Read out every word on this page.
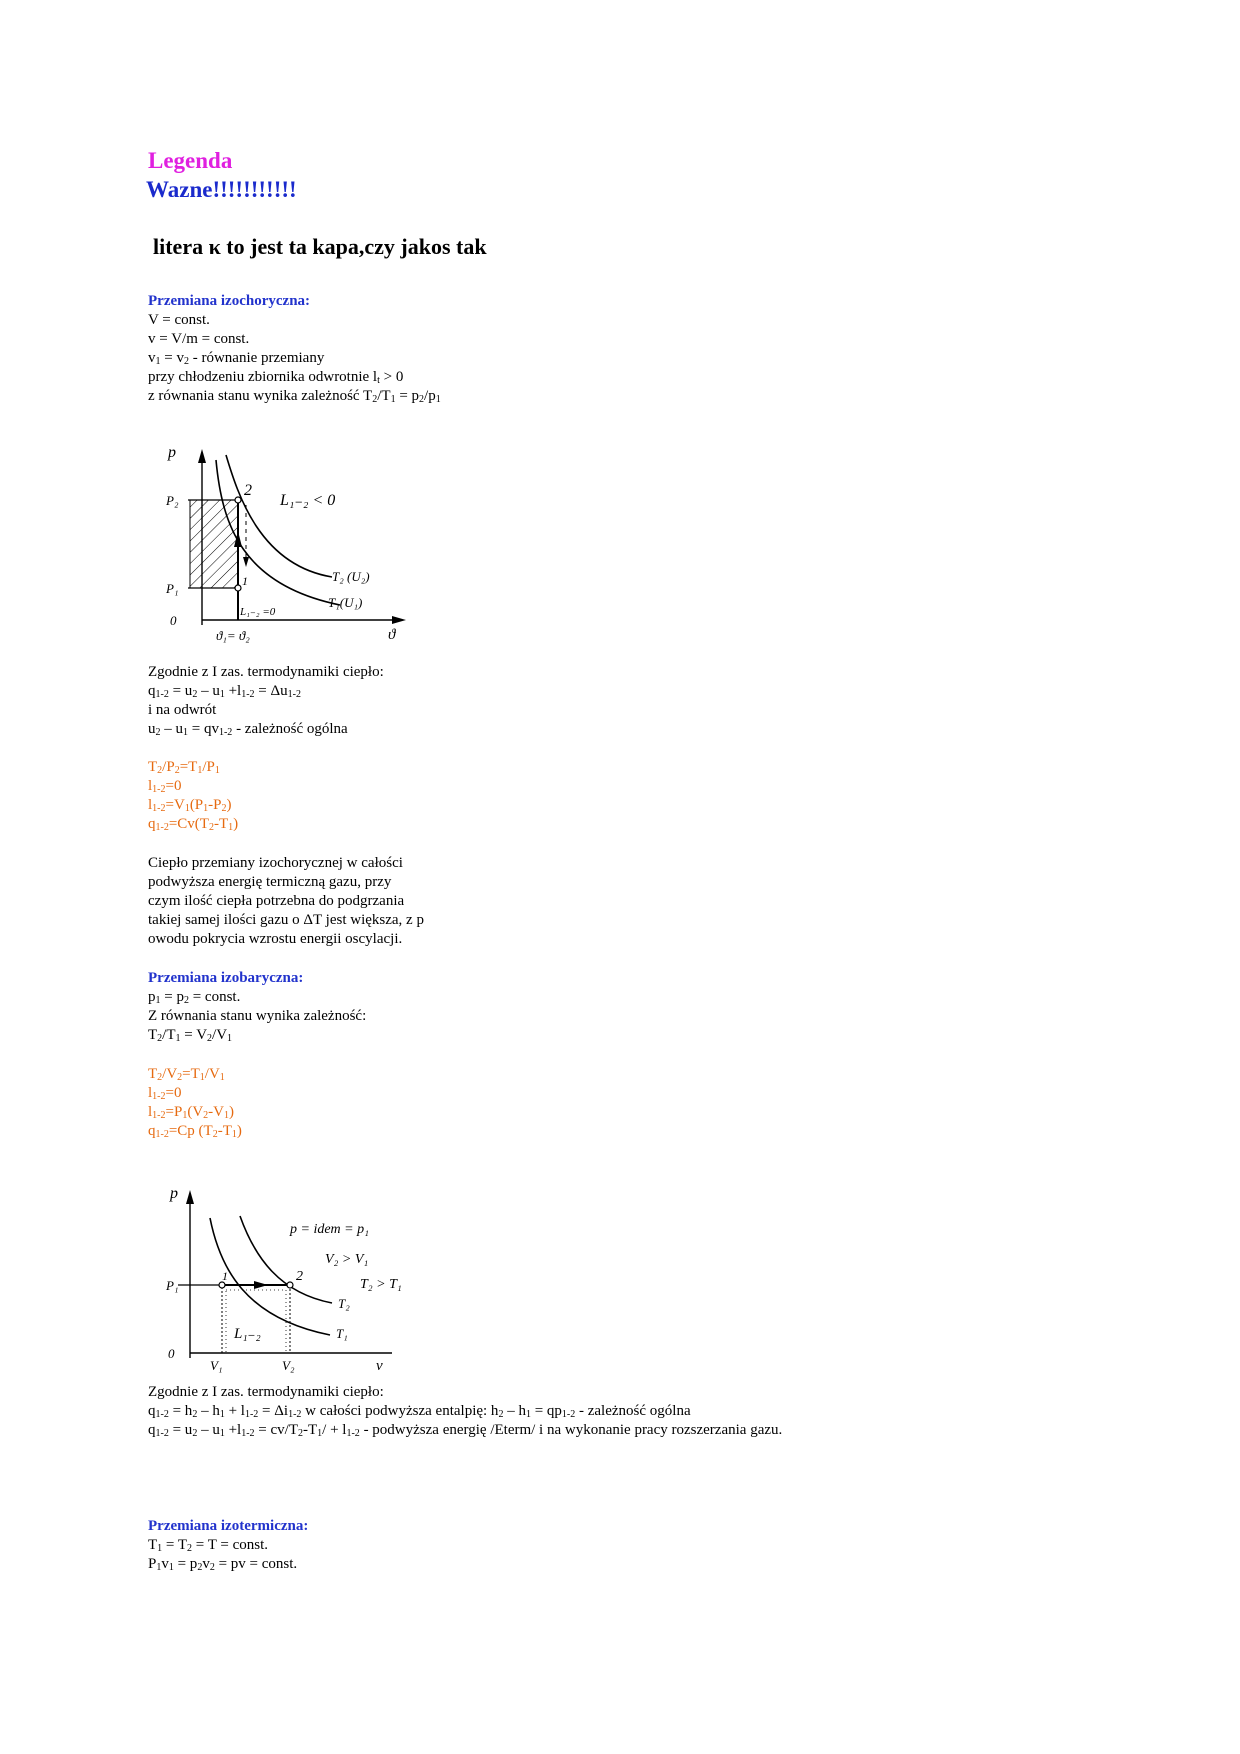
Legenda
Wazne!!!!!!!!!!!
litera κ to jest ta kapa,czy jakos tak
Przemiana izochoryczna:
V = const.
v = V/m = const.
$v_1 = v_2$ - równanie przemiany
przy chłodzeniu zbiornika odwrotnie $l_t > 0$
z równania stanu wynika zależność $T_2/T_1 = p_2/p_1$
p
P₂
P₁
0
2
L₁₋₂ < 0
T₂ (U₂)
T₁(U₁)
1
L₁₋₂ =0
ϑ₁= ϑ₂	ϑ
Zgodnie z I zas. termodynamiki ciepło:
$q_{1-2} = u_2 - u_1 +l_{1-2} = \Delta u_{1-2}$
i na odwrót
$u_2 - u_1 = qv_{1-2}$ - zależność ogólna
$T_2/P_2=T_1/P_1$
$l_{1-2}=0$
$l_{1-2}=V_1(P_1-P_2)$
$q_{1-2}=Cv(T_2-T_1)$
Ciepło przemiany izochorycznej w całości
podwyższa energię termiczną gazu, przy
czym ilość ciepła potrzebna do podgrzania
takiej samej ilości gazu o ΔT jest większa, z p
owodu pokrycia wzrostu energii oscylacji.
Przemiana izobaryczna:
$p_1 = p_2$ = const.
Z równania stanu wynika zależność:
$T_2/T_1 = V_2/V_1$
$T_2/V_2=T_1/V_1$
$l_{1-2}=0$
$l_{1-2}=P_1(V_2-V_1)$
$q_{1-2}=Cp$ $(T_2-T_1)$
p
P₁
0
p = idem = p₁
V₂ > V₁
T₂ > T₁
1	2
T₂
T₁
L₁₋₂
V₁	V₂	v
Zgodnie z I zas. termodynamiki ciepło:
$q_{1-2} = h_2 - h_1 + l_{1-2} = \Delta i_{1-2}$ w całości podwyższa entalpię: $h_2 - h_1 = qp_{1-2}$ - zależność ogólna
$q_{1-2} = u_2 - u_1 +l_{1-2} = cv/T_2-T_1/ + l_{1-2}$ - podwyższa energię /Eterm/ i na wykonanie pracy rozszerzania gazu.
Przemiana izotermiczna:
$T_1 = T_2 = T$ = const.
$P_1v_1 = p_2v_2$ = pv = const.
